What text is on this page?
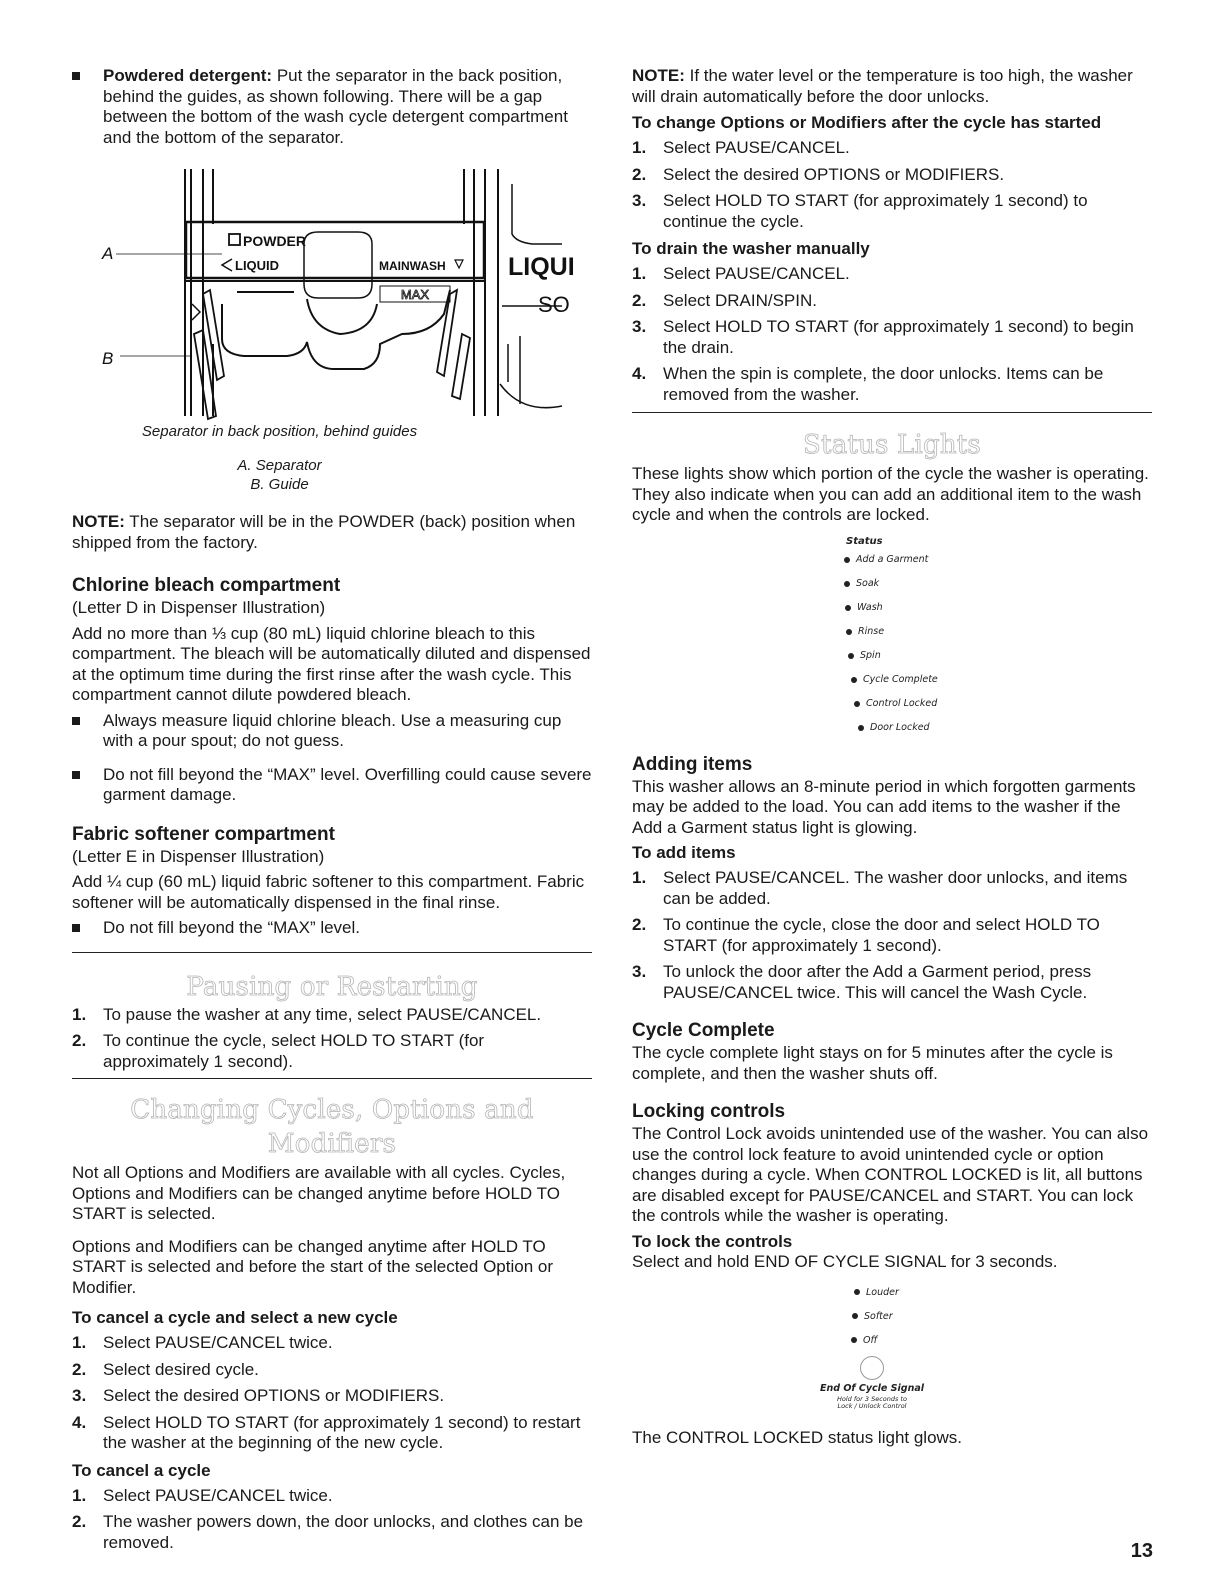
Powdered detergent: Put the separator in the back position, behind the guides, as shown following. There will be a gap between the bottom of the wash cycle detergent compartment and the bottom of the separator.
POWDER
LIQUID	MAINWASH
MAX
LIQUI
SO
A
B
Separator in back position, behind guides
A. Separator
B. Guide

NOTE: The separator will be in the POWDER (back) position when shipped from the factory.

Chlorine bleach compartment

(Letter D in Dispenser Illustration)

Add no more than ⅓ cup (80 mL) liquid chlorine bleach to this compartment. The bleach will be automatically diluted and dispensed at the optimum time during the first rinse after the wash cycle. This compartment cannot dilute powdered bleach.

Always measure liquid chlorine bleach. Use a measuring cup with a pour spout; do not guess.
Do not fill beyond the “MAX” level. Overfilling could cause severe garment damage.
Fabric softener compartment

(Letter E in Dispenser Illustration)

Add ¼ cup (60 mL) liquid fabric softener to this compartment. Fabric softener will be automatically dispensed in the final rinse.

Do not fill beyond the “MAX” level.
Pausing or Restarting
1. To pause the washer at any time, select PAUSE/CANCEL.
2. To continue the cycle, select HOLD TO START (for approximately 1 second).
Changing Cycles, Options and Modifiers

Not all Options and Modifiers are available with all cycles. Cycles, Options and Modifiers can be changed anytime before HOLD TO START is selected.

Options and Modifiers can be changed anytime after HOLD TO START is selected and before the start of the selected Option or Modifier.

To cancel a cycle and select a new cycle
1. Select PAUSE/CANCEL twice.
2. Select desired cycle.
3. Select the desired OPTIONS or MODIFIERS.
4. Select HOLD TO START (for approximately 1 second) to restart the washer at the beginning of the new cycle.
To cancel a cycle
1. Select PAUSE/CANCEL twice.
2. The washer powers down, the door unlocks, and clothes can be removed.

NOTE: If the water level or the temperature is too high, the washer will drain automatically before the door unlocks.

To change Options or Modifiers after the cycle has started
1. Select PAUSE/CANCEL.
2. Select the desired OPTIONS or MODIFIERS.
3. Select HOLD TO START (for approximately 1 second) to continue the cycle.
To drain the washer manually
1. Select PAUSE/CANCEL.
2. Select DRAIN/SPIN.
3. Select HOLD TO START (for approximately 1 second) to begin the drain.
4. When the spin is complete, the door unlocks. Items can be removed from the washer.
Status Lights

These lights show which portion of the cycle the washer is operating. They also indicate when you can add an additional item to the wash cycle and when the controls are locked.

Status
Add a Garment
Soak
Wash
Rinse
Spin
Cycle Complete
Control Locked
Door Locked
Adding items

This washer allows an 8-minute period in which forgotten garments may be added to the load. You can add items to the washer if the Add a Garment status light is glowing.

To add items
1. Select PAUSE/CANCEL. The washer door unlocks, and items can be added.
2. To continue the cycle, close the door and select HOLD TO START (for approximately 1 second).
3. To unlock the door after the Add a Garment period, press PAUSE/CANCEL twice. This will cancel the Wash Cycle.
Cycle Complete

The cycle complete light stays on for 5 minutes after the cycle is complete, and then the washer shuts off.

Locking controls

The Control Lock avoids unintended use of the washer. You can also use the control lock feature to avoid unintended cycle or option changes during a cycle. When CONTROL LOCKED is lit, all buttons are disabled except for PAUSE/CANCEL and START. You can lock the controls while the washer is operating.

To lock the controls

Select and hold END OF CYCLE SIGNAL for 3 seconds.

Louder
Softer
Off
End Of Cycle Signal
Hold for 3 Seconds to
Lock / Unlock Control

The CONTROL LOCKED status light glows.

13
